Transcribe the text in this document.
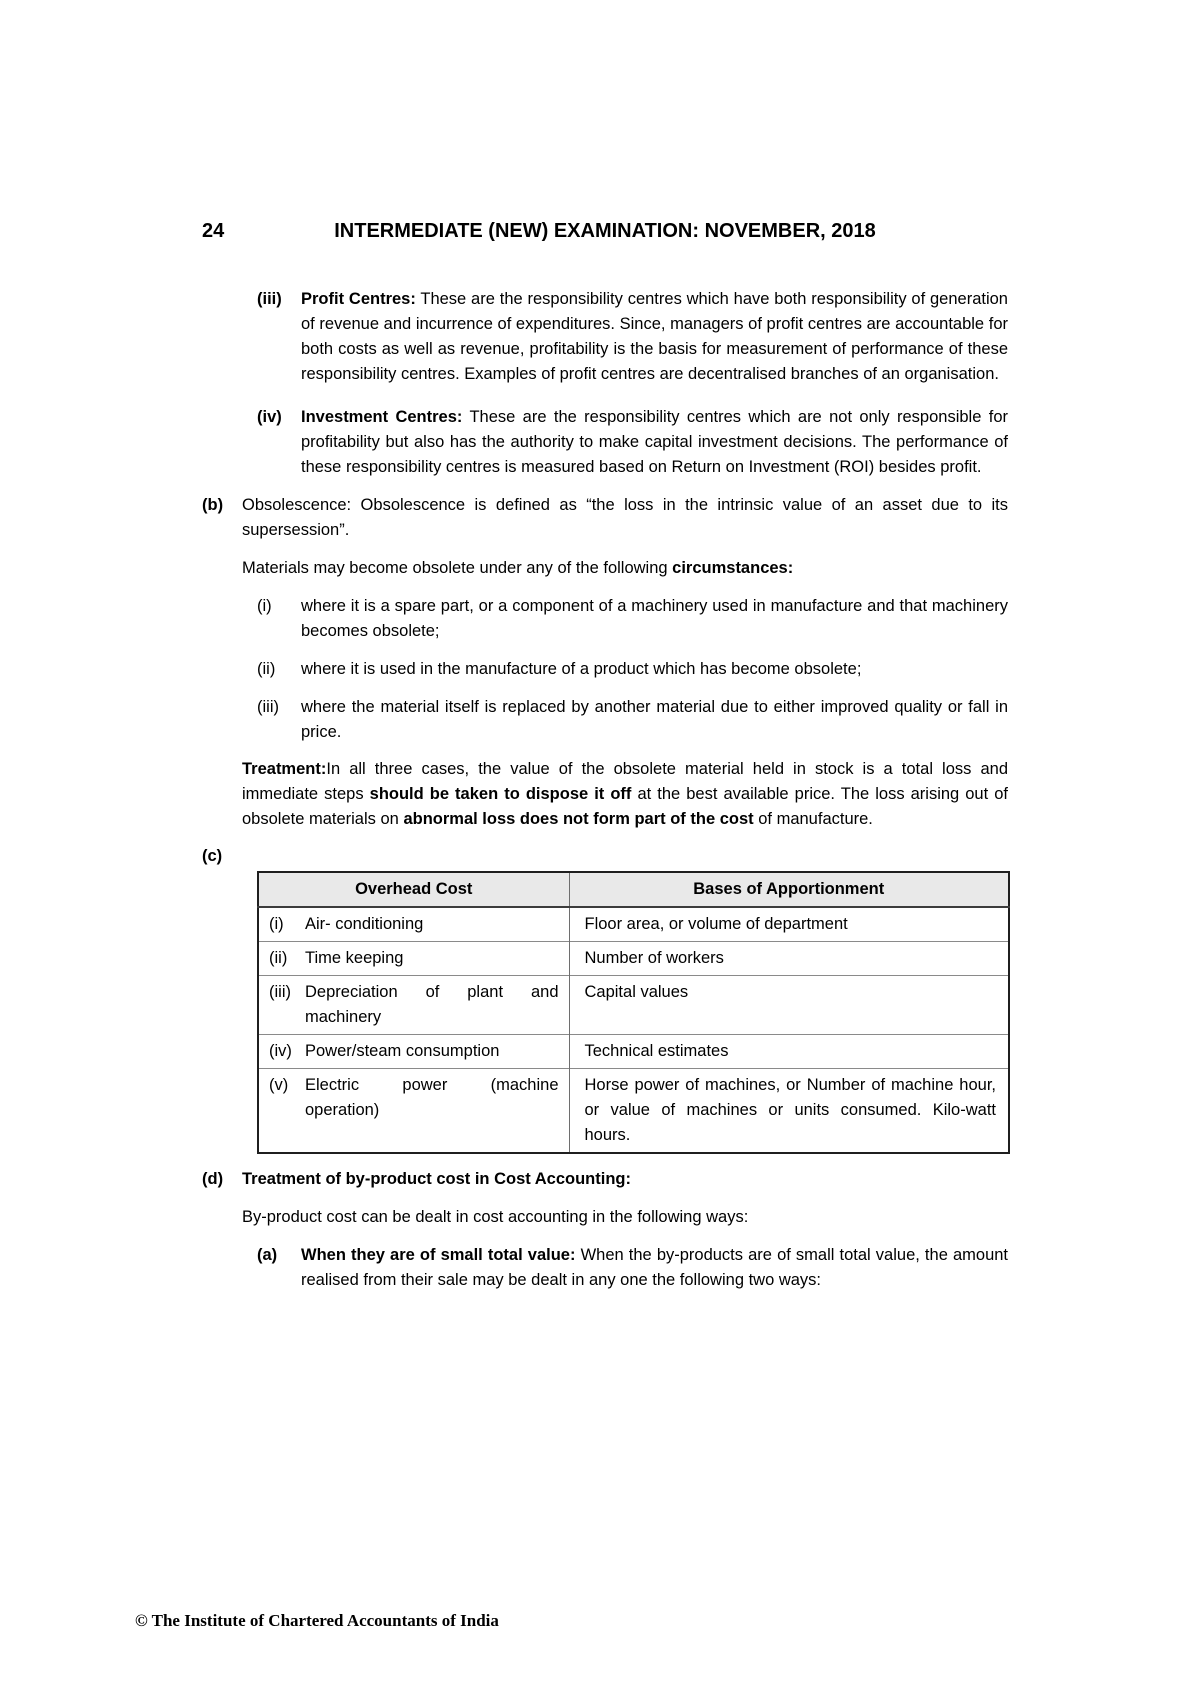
24	INTERMEDIATE (NEW) EXAMINATION: NOVEMBER, 2018
(iii)	Profit Centres: These are the responsibility centres which have both responsibility of generation of revenue and incurrence of expenditures. Since, managers of profit centres are accountable for both costs as well as revenue, profitability is the basis for measurement of performance of these responsibility centres. Examples of profit centres are decentralised branches of an organisation.
(iv)	Investment Centres: These are the responsibility centres which are not only responsible for profitability but also has the authority to make capital investment decisions. The performance of these responsibility centres is measured based on Return on Investment (ROI) besides profit.
(b)	Obsolescence: Obsolescence is defined as “the loss in the intrinsic value of an asset due to its supersession”.

Materials may become obsolete under any of the following circumstances:

(i)	where it is a spare part, or a component of a machinery used in manufacture and that machinery becomes obsolete;
(ii)	where it is used in the manufacture of a product which has become obsolete;
(iii)	where the material itself is replaced by another material due to either improved quality or fall in price.

Treatment:In all three cases, the value of the obsolete material held in stock is a total loss and immediate steps should be taken to dispose it off at the best available price. The loss arising out of obsolete materials on abnormal loss does not form part of the cost of manufacture.

(c)
Overhead Cost	Bases of Apportionment

(i) Air- conditioning	Floor area, or volume of department

(ii) Time keeping	Number of workers

(iii) Depreciation of plant and machinery	Capital values

(iv) Power/steam consumption	Technical estimates

(v) Electric power (machine operation)	Horse power of machines, or Number of machine hour, or value of machines or units consumed. Kilo-watt hours.
(d)	Treatment of by-product cost in Cost Accounting:

By-product cost can be dealt in cost accounting in the following ways:

(a)	When they are of small total value: When the by-products are of small total value, the amount realised from their sale may be dealt in any one the following two ways:
© The Institute of Chartered Accountants of India
